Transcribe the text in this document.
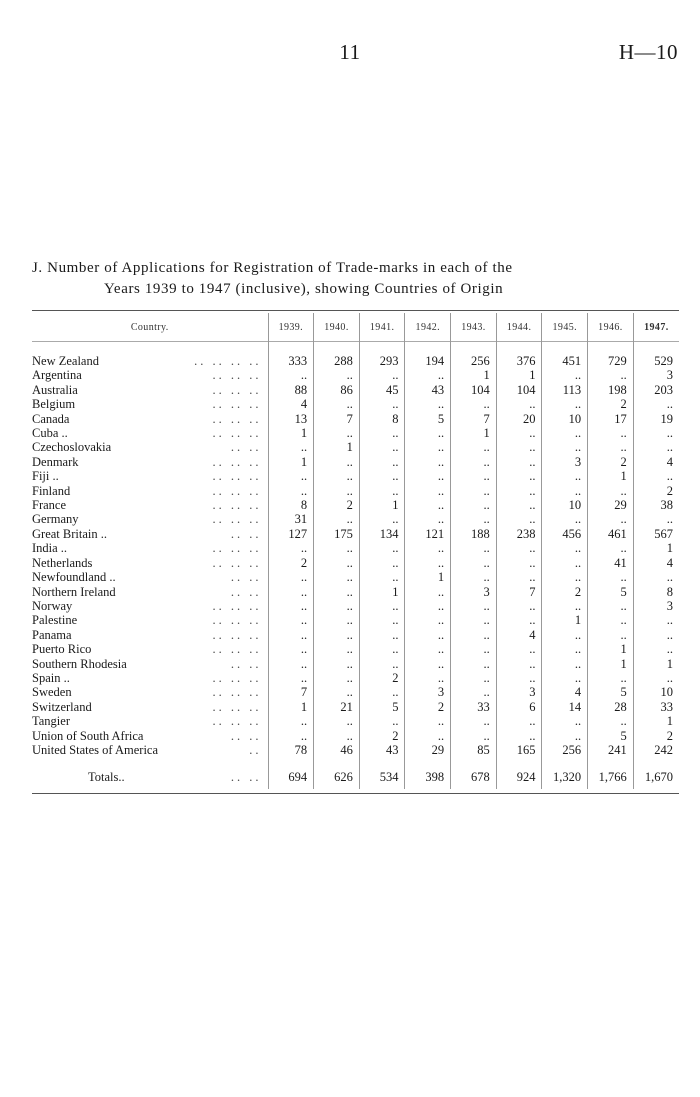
11	H—10
J. Number of Applications for Registration of Trade-marks in each of the
Years 1939 to 1947 (inclusive), showing Countries of Origin
Country.	1939.	1940.	1941.	1942.	1943.	1944.	1945.	1946.	1947.

New Zealand .. .. .. ..	333	288	293	194	256	376	451	729	529
Argentina .. .. ..	..	..	..	..	1	1	..	..	3
Australia .. .. ..	88	86	45	43	104	104	113	198	203
Belgium .. .. ..	4	..	..	..	..	..	..	2	..
Canada .. .. ..	13	7	8	5	7	20	10	17	19
Cuba .. .. .. ..	1	..	..	..	1	..	..	..	..
Czechoslovakia .. ..	..	1	..	..	..	..	..	..	..
Denmark .. .. ..	1	..	..	..	..	..	3	2	4
Fiji .. .. .. ..	..	..	..	..	..	..	..	1	..
Finland .. .. ..	..	..	..	..	..	..	..	..	2
France .. .. ..	8	2	1	..	..	..	10	29	38
Germany .. .. ..	31	..	..	..	..	..	..	..	..
Great Britain .. .. ..	127	175	134	121	188	238	456	461	567
India .. .. .. ..	..	..	..	..	..	..	..	..	1
Netherlands .. .. ..	2	..	..	..	..	..	..	41	4
Newfoundland .. .. ..	..	..	..	1	..	..	..	..	..
Northern Ireland .. ..	..	..	1	..	3	7	2	5	8
Norway .. .. ..	..	..	..	..	..	..	..	..	3
Palestine .. .. ..	..	..	..	..	..	..	1	..	..
Panama .. .. ..	..	..	..	..	..	4	..	..	..
Puerto Rico .. .. ..	..	..	..	..	..	..	..	1	..
Southern Rhodesia .. ..	..	..	..	..	..	..	..	1	1
Spain .. .. .. ..	..	..	2	..	..	..	..	..	..
Sweden .. .. ..	7	..	..	3	..	3	4	5	10
Switzerland .. .. ..	1	21	5	2	33	6	14	28	33
Tangier .. .. ..	..	..	..	..	..	..	..	..	1
Union of South Africa .. ..	..	..	2	..	..	..	..	5	2
United States of America ..	78	46	43	29	85	165	256	241	242

Totals.. .. ..	694	626	534	398	678	924	1,320	1,766	1,670
